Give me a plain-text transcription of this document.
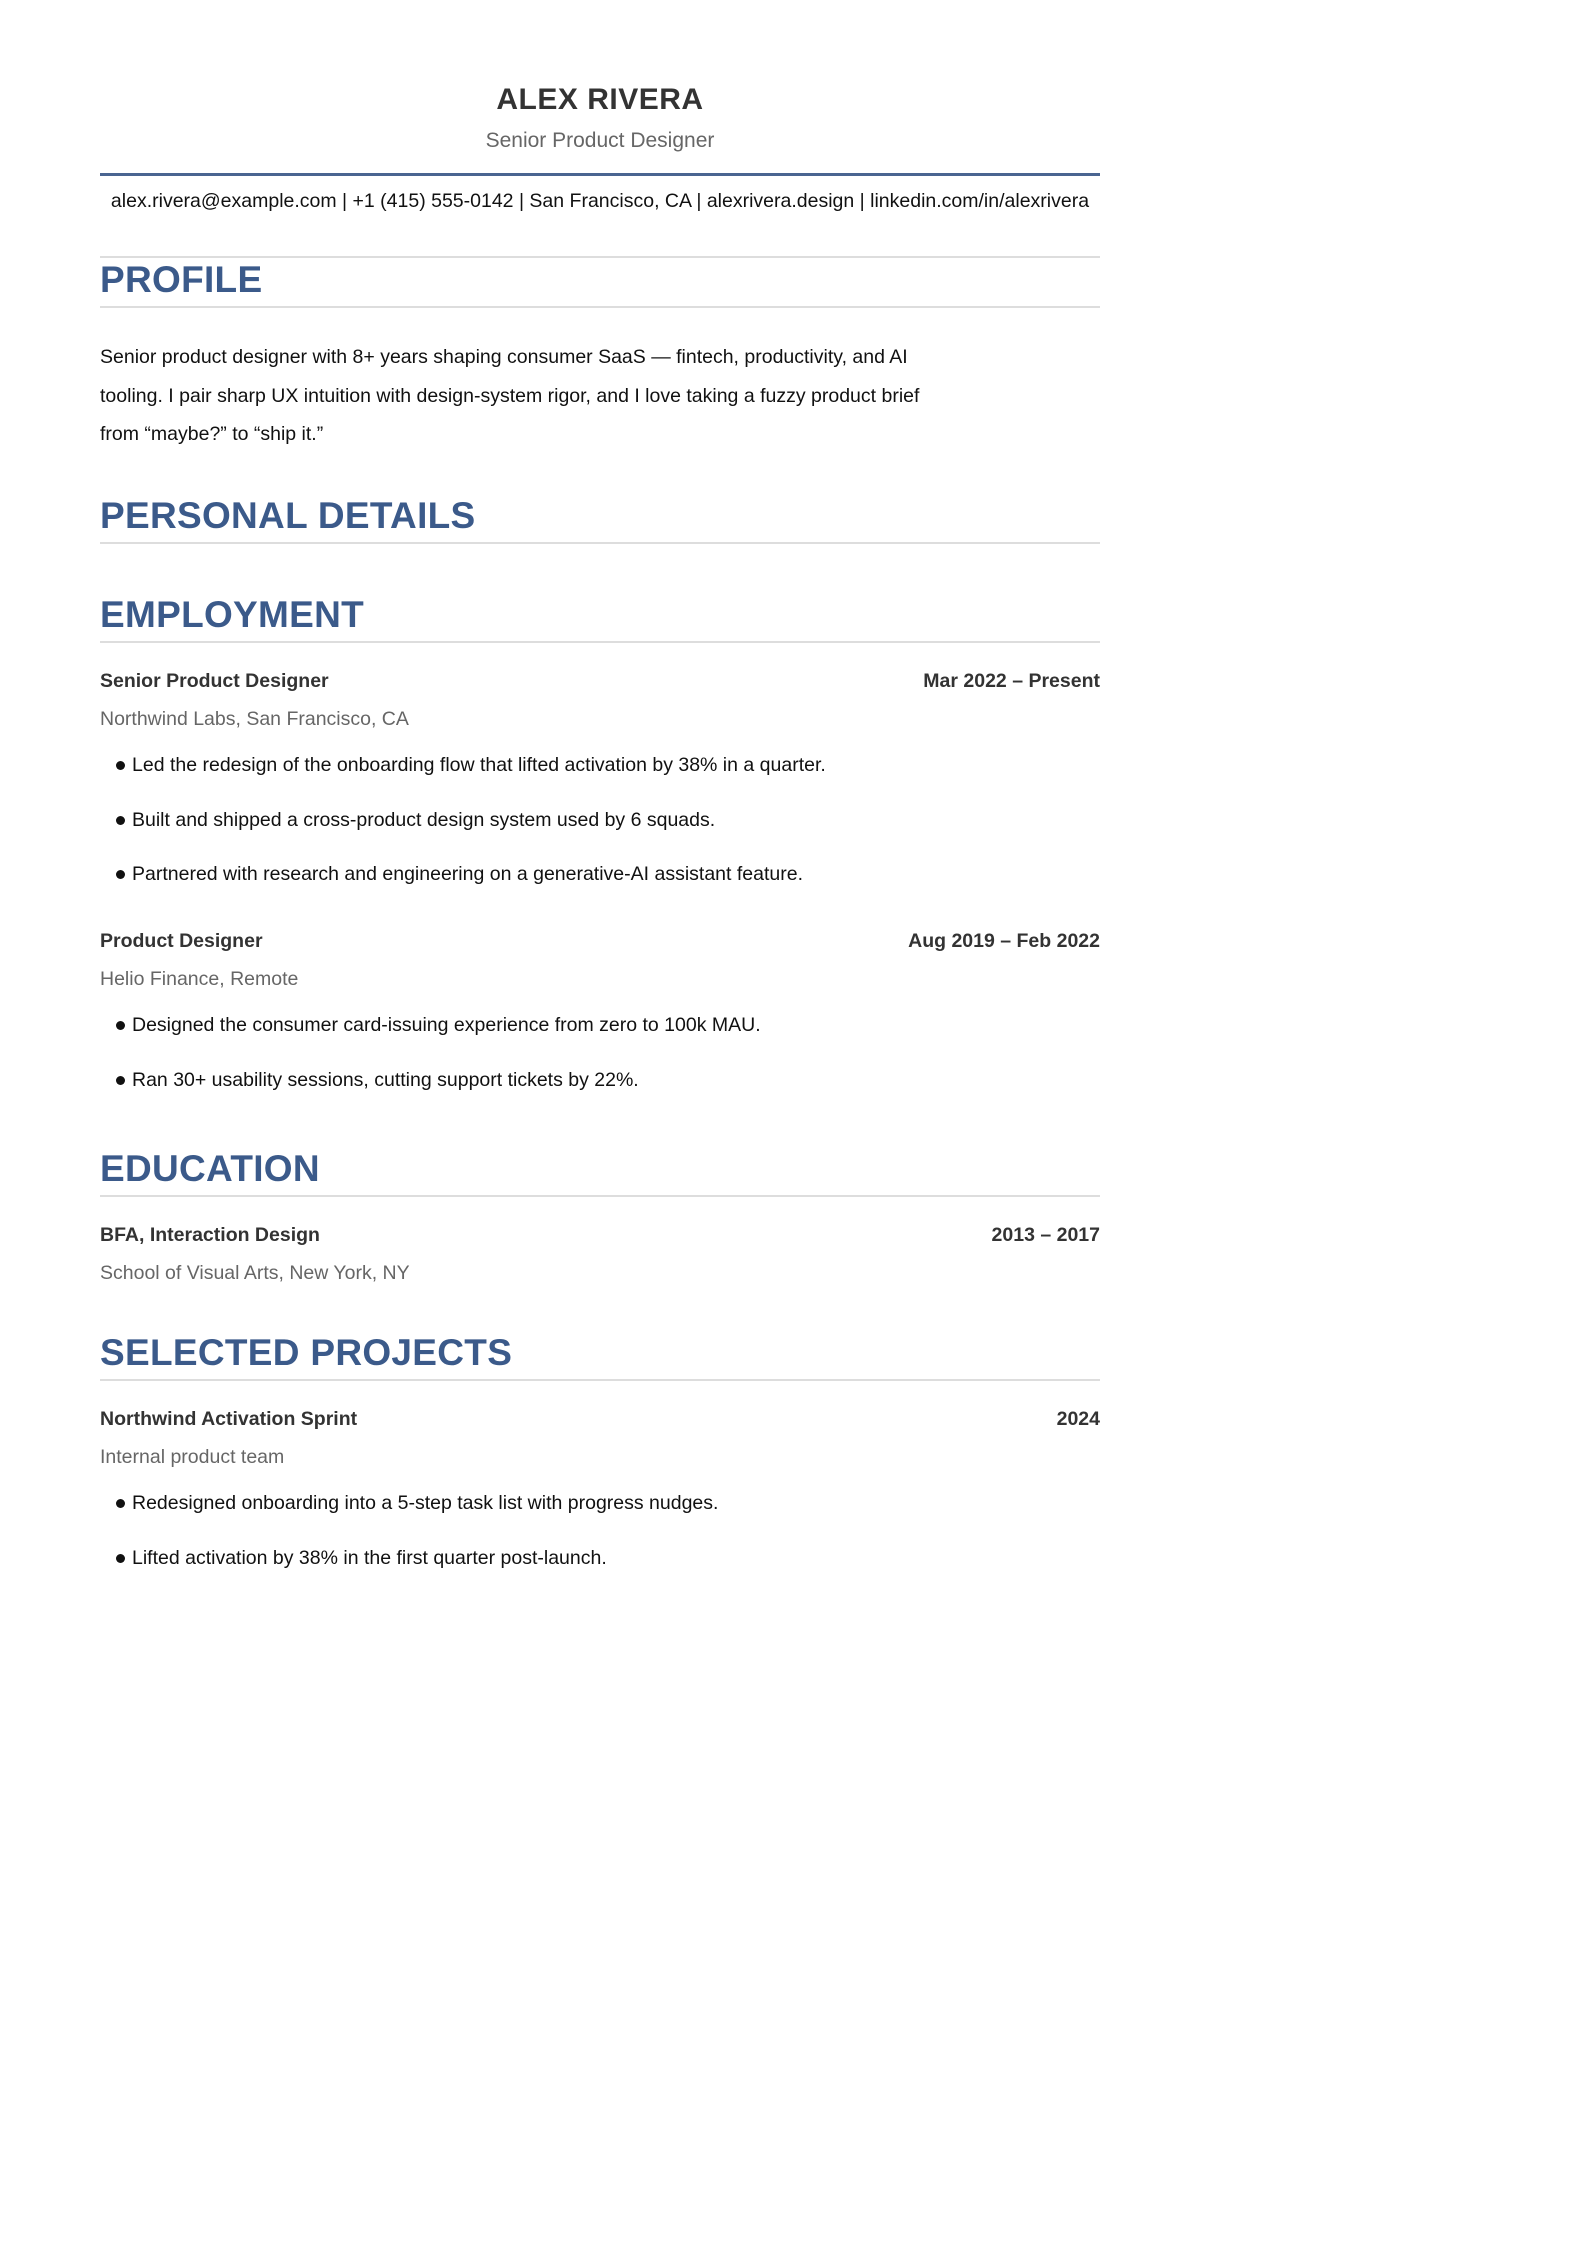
ALEX RIVERA
Senior Product Designer
alex.rivera@example.com | +1 (415) 555-0142 | San Francisco, CA | alexrivera.design | linkedin.com/in/alexrivera
PROFILE
Senior product designer with 8+ years shaping consumer SaaS — fintech, productivity, and AI tooling. I pair sharp UX intuition with design-system rigor, and I love taking a fuzzy product brief from “maybe?” to “ship it.”
PERSONAL DETAILS
EMPLOYMENT
Senior Product Designer	Mar 2022 – Present
Northwind Labs, San Francisco, CA
Led the redesign of the onboarding flow that lifted activation by 38% in a quarter.
Built and shipped a cross-product design system used by 6 squads.
Partnered with research and engineering on a generative-AI assistant feature.
Product Designer	Aug 2019 – Feb 2022
Helio Finance, Remote
Designed the consumer card-issuing experience from zero to 100k MAU.
Ran 30+ usability sessions, cutting support tickets by 22%.
EDUCATION
BFA, Interaction Design	2013 – 2017
School of Visual Arts, New York, NY
SELECTED PROJECTS
Northwind Activation Sprint	2024
Internal product team
Redesigned onboarding into a 5-step task list with progress nudges.
Lifted activation by 38% in the first quarter post-launch.
